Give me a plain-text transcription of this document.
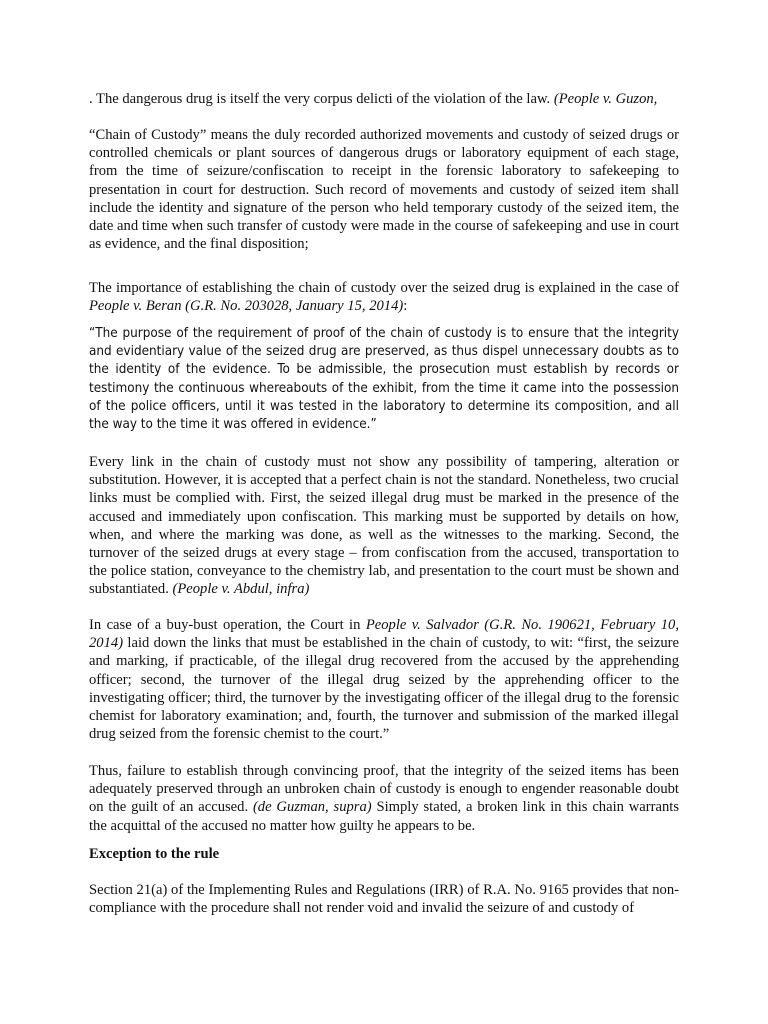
. The dangerous drug is itself the very corpus delicti of the violation of the law. (People v. Guzon,

“Chain of Custody” means the duly recorded authorized movements and custody of seized drugs or controlled chemicals or plant sources of dangerous drugs or laboratory equipment of each stage, from the time of seizure/confiscation to receipt in the forensic laboratory to safekeeping to presentation in court for destruction. Such record of movements and custody of seized item shall include the identity and signature of the person who held temporary custody of the seized item, the date and time when such transfer of custody were made in the course of safekeeping and use in court as evidence, and the final disposition;

The importance of establishing the chain of custody over the seized drug is explained in the case of People v. Beran (G.R. No. 203028, January 15, 2014):

“The purpose of the requirement of proof of the chain of custody is to ensure that the integrity and evidentiary value of the seized drug are preserved, as thus dispel unnecessary doubts as to the identity of the evidence. To be admissible, the prosecution must establish by records or testimony the continuous whereabouts of the exhibit, from the time it came into the possession of the police officers, until it was tested in the laboratory to determine its composition, and all the way to the time it was offered in evidence.”

Every link in the chain of custody must not show any possibility of tampering, alteration or substitution. However, it is accepted that a perfect chain is not the standard. Nonetheless, two crucial links must be complied with. First, the seized illegal drug must be marked in the presence of the accused and immediately upon confiscation. This marking must be supported by details on how, when, and where the marking was done, as well as the witnesses to the marking. Second, the turnover of the seized drugs at every stage – from confiscation from the accused, transportation to the police station, conveyance to the chemistry lab, and presentation to the court must be shown and substantiated. (People v. Abdul, infra)

In case of a buy-bust operation, the Court in People v. Salvador (G.R. No. 190621, February 10, 2014) laid down the links that must be established in the chain of custody, to wit: “first, the seizure and marking, if practicable, of the illegal drug recovered from the accused by the apprehending officer; second, the turnover of the illegal drug seized by the apprehending officer to the investigating officer; third, the turnover by the investigating officer of the illegal drug to the forensic chemist for laboratory examination; and, fourth, the turnover and submission of the marked illegal drug seized from the forensic chemist to the court.”

Thus, failure to establish through convincing proof, that the integrity of the seized items has been adequately preserved through an unbroken chain of custody is enough to engender reasonable doubt on the guilt of an accused. (de Guzman, supra) Simply stated, a broken link in this chain warrants the acquittal of the accused no matter how guilty he appears to be.

Exception to the rule

Section 21(a) of the Implementing Rules and Regulations (IRR) of R.A. No. 9165 provides that non-compliance with the procedure shall not render void and invalid the seizure of and custody of
